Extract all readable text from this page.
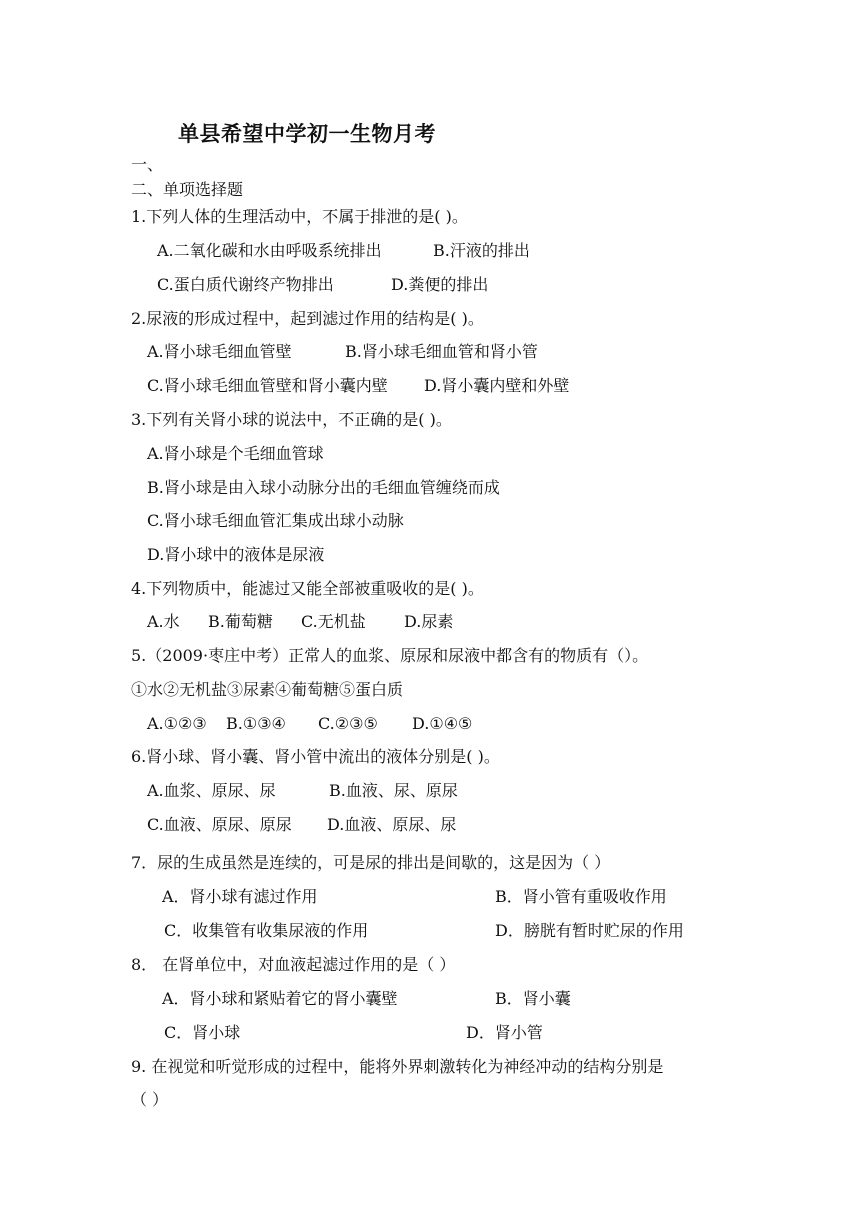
单县希望中学初一生物月考
一、
二、单项选择题
1.下列人体的生理活动中，不属于排泄的是( )。
A.二氧化碳和水由呼吸系统排出	B.汗液的排出
C.蛋白质代谢终产物排出	D.粪便的排出
2.尿液的形成过程中，起到滤过作用的结构是( )。
A.肾小球毛细血管壁	B.肾小球毛细血管和肾小管
C.肾小球毛细血管壁和肾小囊内壁 D.肾小囊内壁和外壁
3.下列有关肾小球的说法中，不正确的是( )。
A.肾小球是个毛细血管球
B.肾小球是由入球小动脉分出的毛细血管缠绕而成
C.肾小球毛细血管汇集成出球小动脉
D.肾小球中的液体是尿液
4.下列物质中，能滤过又能全部被重吸收的是( )。
A.水 B.葡萄糖 C.无机盐 D.尿素
5.（2009·枣庄中考）正常人的血浆、原尿和尿液中都含有的物质有（）。
①水②无机盐③尿素④葡萄糖⑤蛋白质
A.①②③ B.①③④ C.②③⑤ D.①④⑤
6.肾小球、肾小囊、肾小管中流出的液体分别是( )。
A.血浆、原尿、尿	B.血液、尿、原尿
C.血液、原尿、原尿 D.血液、原尿、尿
7．尿的生成虽然是连续的，可是尿的排出是间歇的，这是因为（ ）
A．肾小球有滤过作用	B．肾小管有重吸收作用
C．收集管有收集尿液的作用	D．膀胱有暂时贮尿的作用
8． 在肾单位中，对血液起滤过作用的是（ ）
A．肾小球和紧贴着它的肾小囊壁	B．肾小囊
C．肾小球	D．肾小管
9. 在视觉和听觉形成的过程中，能将外界刺激转化为神经冲动的结构分别是
（ ）
